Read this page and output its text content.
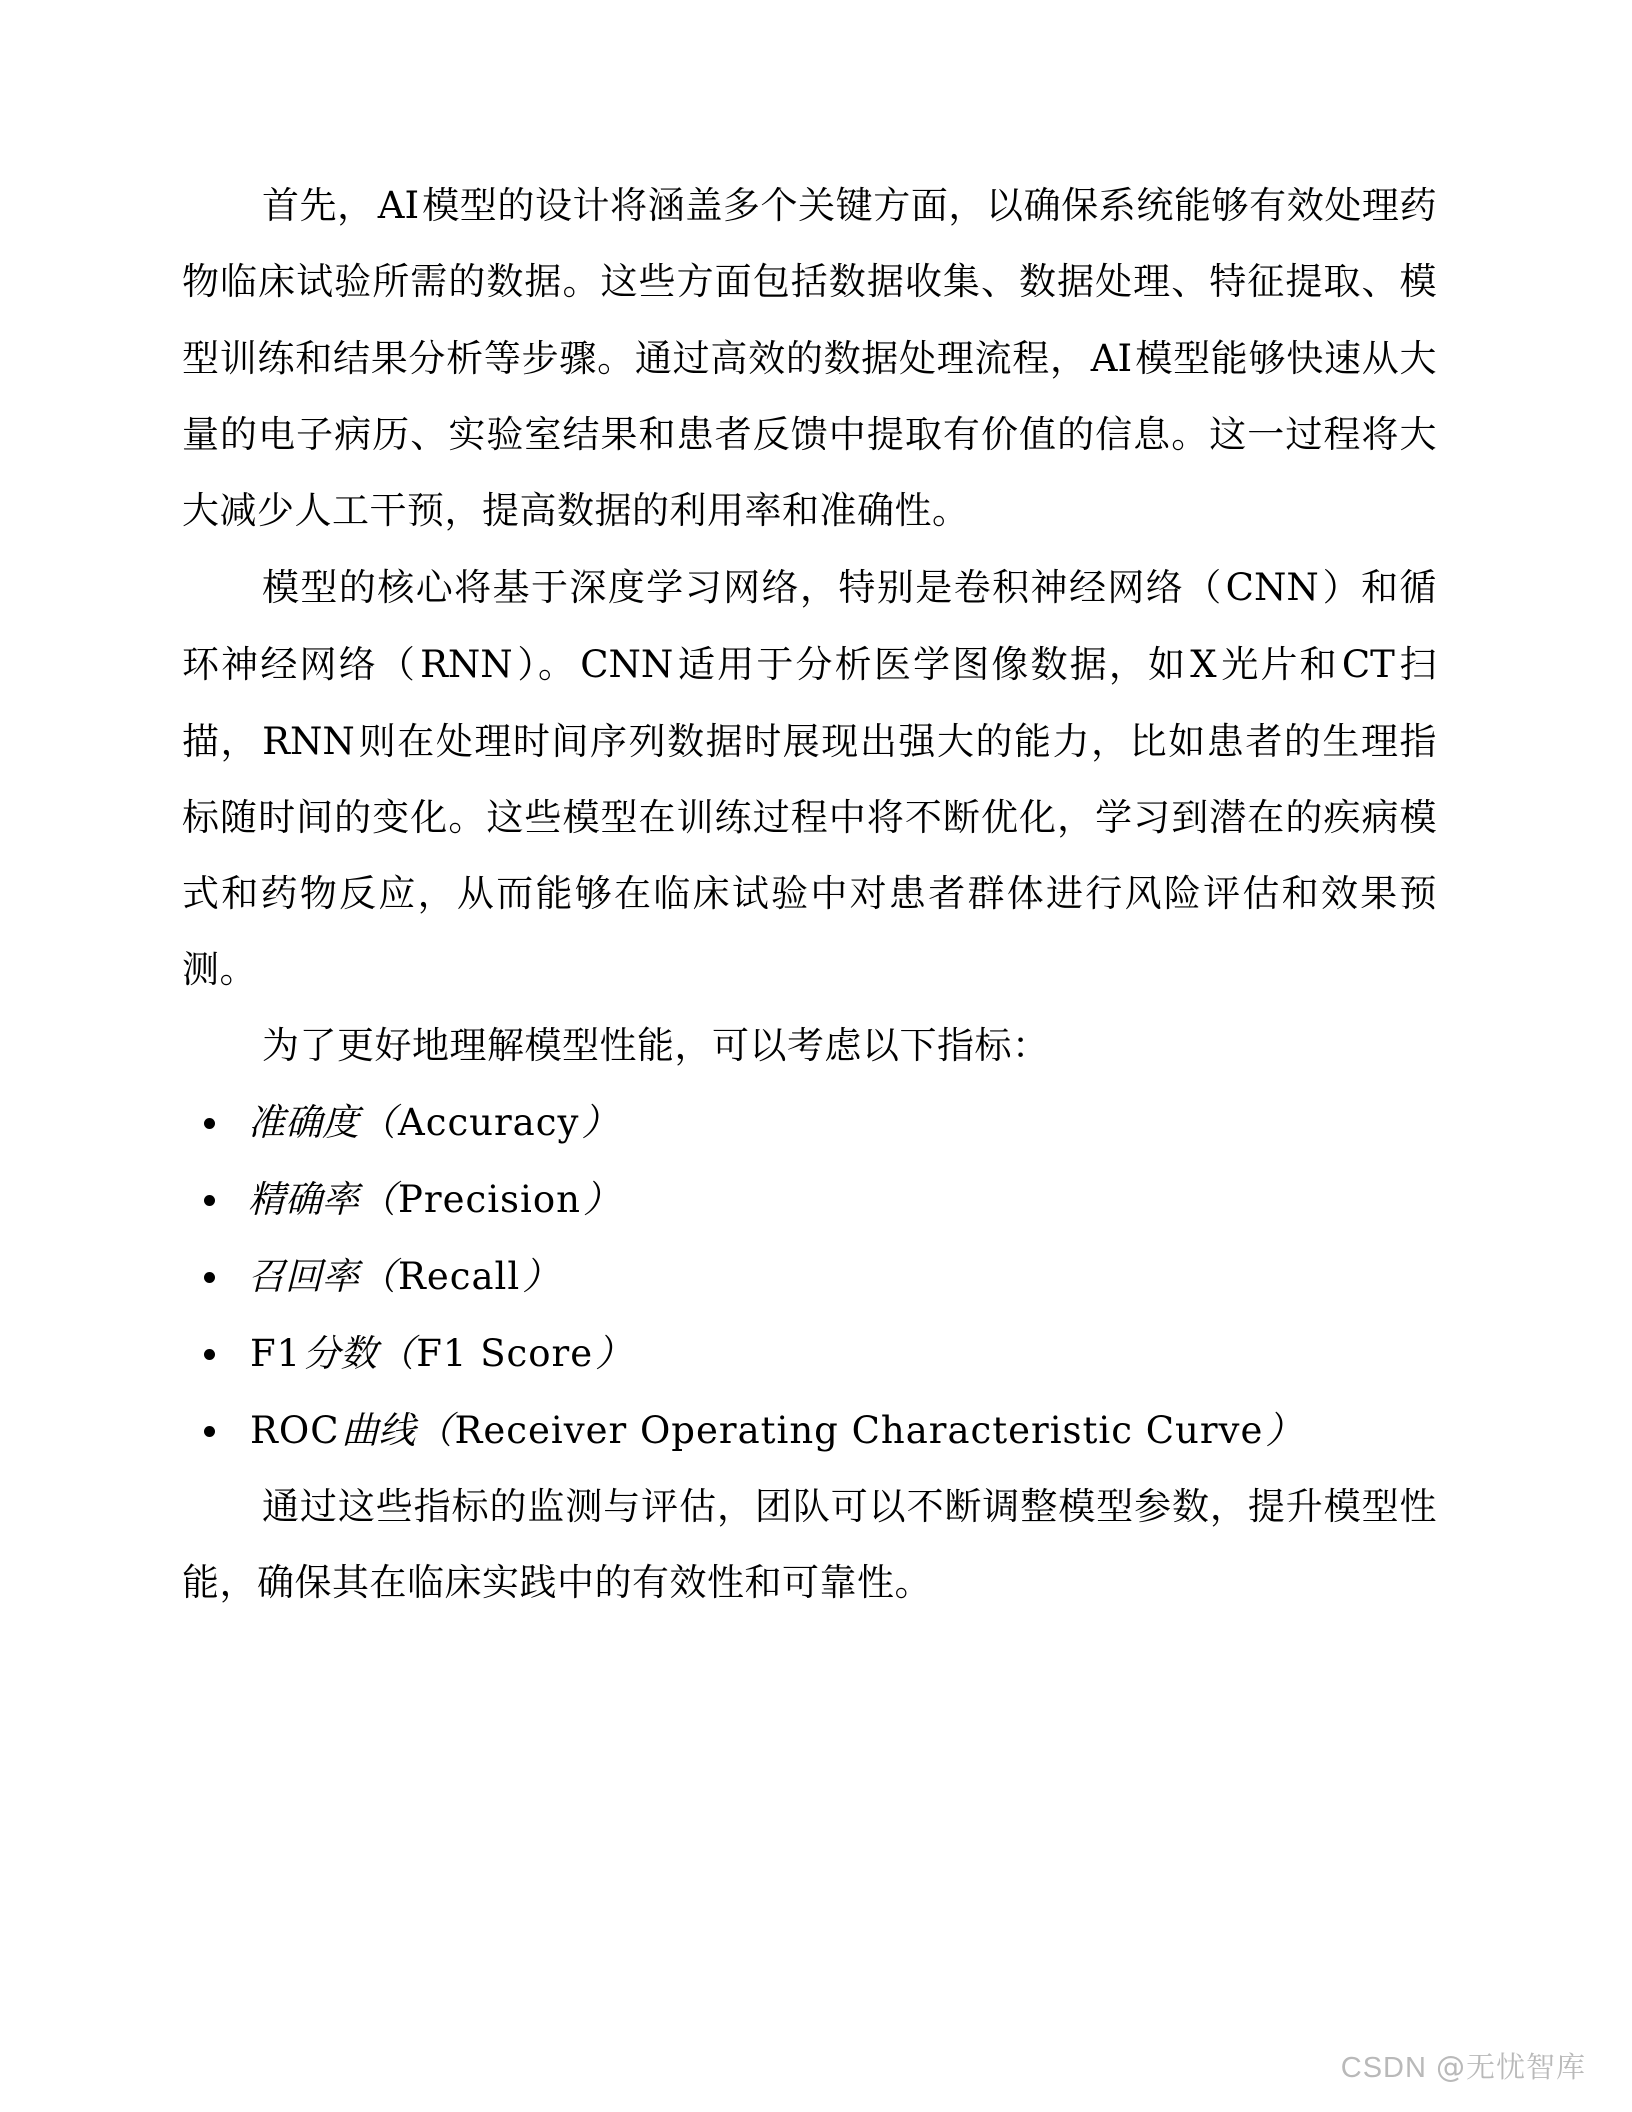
首先，AI模型的设计将涵盖多个关键方面，以确保系统能够有效处理药物临床试验所需的数据。这些方面包括数据收集、数据处理、特征提取、模型训练和结果分析等步骤。通过高效的数据处理流程，AI模型能够快速从大量的电子病历、实验室结果和患者反馈中提取有价值的信息。这一过程将大大减少人工干预，提高数据的利用率和准确性。

模型的核心将基于深度学习网络，特别是卷积神经网络（CNN）和循环神经网络（RNN）。CNN适用于分析医学图像数据，如X光片和CT扫描，RNN则在处理时间序列数据时展现出强大的能力，比如患者的生理指标随时间的变化。这些模型在训练过程中将不断优化，学习到潜在的疾病模式和药物反应，从而能够在临床试验中对患者群体进行风险评估和效果预测。

为了更好地理解模型性能，可以考虑以下指标：

准确度（Accuracy）
精确率（Precision）
召回率（Recall）
F1分数（F1 Score）
ROC曲线（Receiver Operating Characteristic Curve）

通过这些指标的监测与评估，团队可以不断调整模型参数，提升模型性能，确保其在临床实践中的有效性和可靠性。

CSDN @无忧智库
